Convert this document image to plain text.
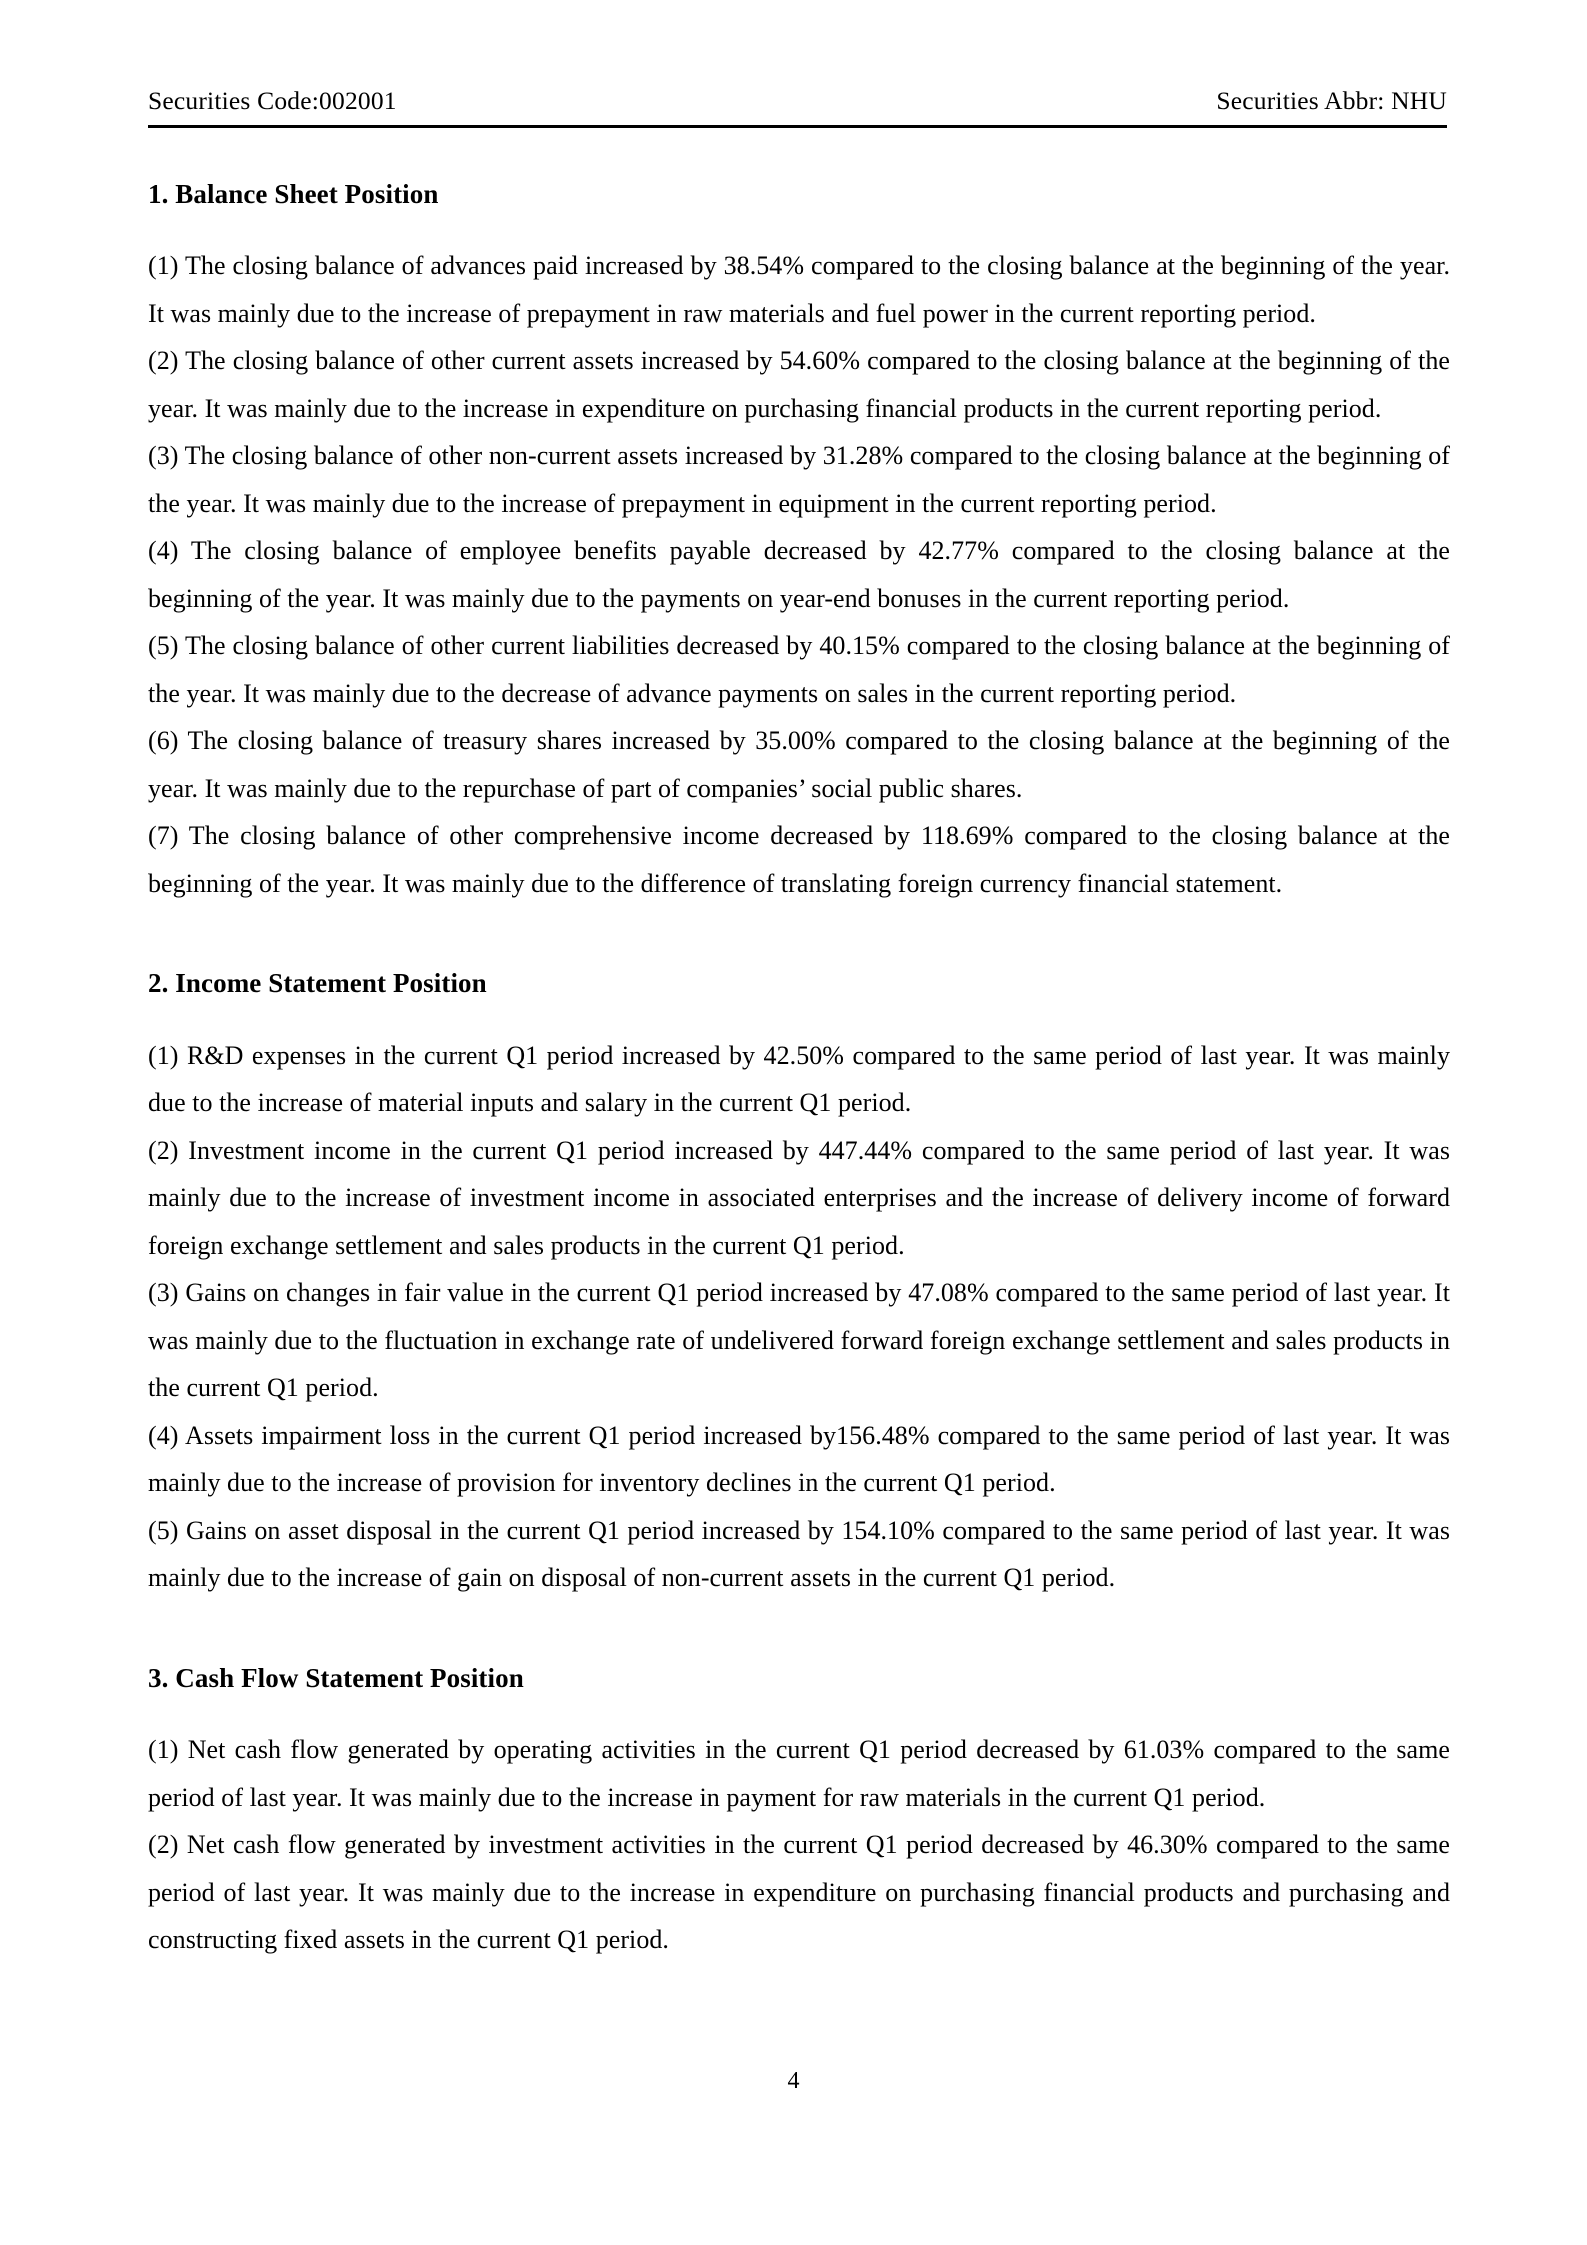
Securities Code:002001	Securities Abbr: NHU
1. Balance Sheet Position

(1) The closing balance of advances paid increased by 38.54% compared to the closing balance at the beginning of the year. It was mainly due to the increase of prepayment in raw materials and fuel power in the current reporting period.

(2) The closing balance of other current assets increased by 54.60% compared to the closing balance at the beginning of the year. It was mainly due to the increase in expenditure on purchasing financial products in the current reporting period.

(3) The closing balance of other non-current assets increased by 31.28% compared to the closing balance at the beginning of the year. It was mainly due to the increase of prepayment in equipment in the current reporting period.

(4) The closing balance of employee benefits payable decreased by 42.77% compared to the closing balance at the beginning of the year. It was mainly due to the payments on year-end bonuses in the current reporting period.

(5) The closing balance of other current liabilities decreased by 40.15% compared to the closing balance at the beginning of the year. It was mainly due to the decrease of advance payments on sales in the current reporting period.

(6) The closing balance of treasury shares increased by 35.00% compared to the closing balance at the beginning of the year. It was mainly due to the repurchase of part of companies’ social public shares.

(7) The closing balance of other comprehensive income decreased by 118.69% compared to the closing balance at the beginning of the year. It was mainly due to the difference of translating foreign currency financial statement.

2. Income Statement Position

(1) R&D expenses in the current Q1 period increased by 42.50% compared to the same period of last year. It was mainly due to the increase of material inputs and salary in the current Q1 period.

(2) Investment income in the current Q1 period increased by 447.44% compared to the same period of last year. It was mainly due to the increase of investment income in associated enterprises and the increase of delivery income of forward foreign exchange settlement and sales products in the current Q1 period.

(3) Gains on changes in fair value in the current Q1 period increased by 47.08% compared to the same period of last year. It was mainly due to the fluctuation in exchange rate of undelivered forward foreign exchange settlement and sales products in the current Q1 period.

(4) Assets impairment loss in the current Q1 period increased by156.48% compared to the same period of last year. It was mainly due to the increase of provision for inventory declines in the current Q1 period.

(5) Gains on asset disposal in the current Q1 period increased by 154.10% compared to the same period of last year. It was mainly due to the increase of gain on disposal of non-current assets in the current Q1 period.

3. Cash Flow Statement Position

(1) Net cash flow generated by operating activities in the current Q1 period decreased by 61.03% compared to the same period of last year. It was mainly due to the increase in payment for raw materials in the current Q1 period.

(2) Net cash flow generated by investment activities in the current Q1 period decreased by 46.30% compared to the same period of last year. It was mainly due to the increase in expenditure on purchasing financial products and purchasing and constructing fixed assets in the current Q1 period.

4
